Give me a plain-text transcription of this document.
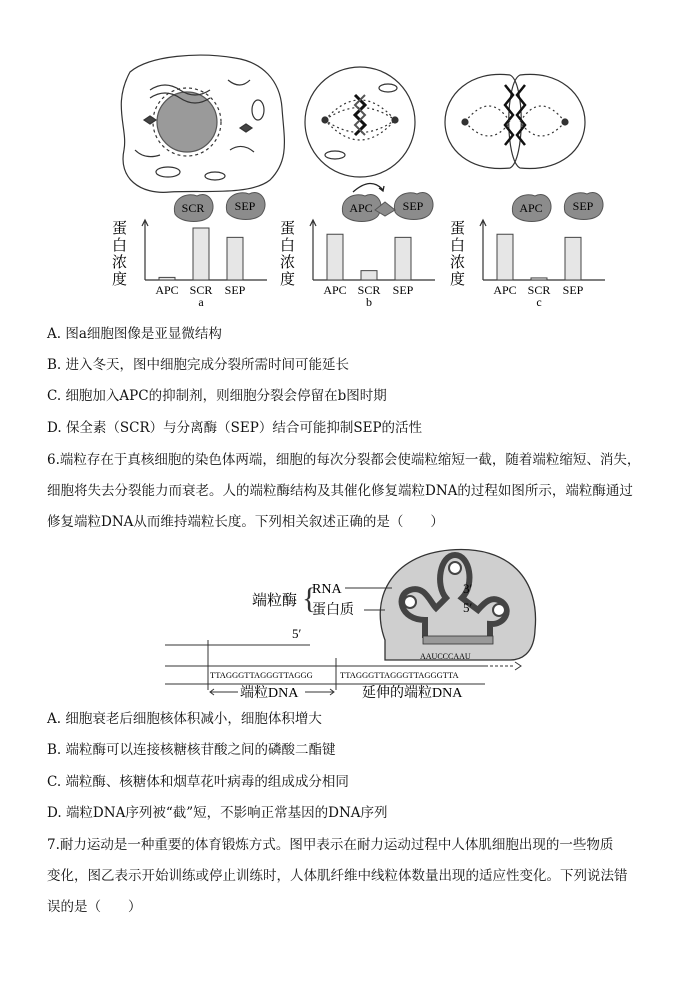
蛋
白
浓
度
APC SCR SEP
a
SCR	SEP
蛋
白
浓
度
APC SCR SEP
b
APC SEP
蛋
白
浓
度
APC SCR SEP
c
APC SEP
A. 图a细胞图像是亚显微结构
B. 进入冬天，图中细胞完成分裂所需时间可能延长
C. 细胞加入APC的抑制剂，则细胞分裂会停留在b图时期
D. 保全素（SCR）与分离酶（SEP）结合可能抑制SEP的活性
6.端粒存在于真核细胞的染色体两端，细胞的每次分裂都会使端粒缩短一截，随着端粒缩短、消失，
细胞将失去分裂能力而衰老。人的端粒酶结构及其催化修复端粒DNA的过程如图所示，端粒酶通过
修复端粒DNA从而维持端粒长度。下列相关叙述正确的是（　　）
端粒酶 {
RNA
蛋白质
3′
5′
5′
AAUCCCAAU
TTAGGGTTAGGGTTAGGG	TTAGGGTTAGGGTTAGGGTTA
端粒DNA	延伸的端粒DNA
A. 细胞衰老后细胞核体积减小，细胞体积增大
B. 端粒酶可以连接核糖核苷酸之间的磷酸二酯键
C. 端粒酶、核糖体和烟草花叶病毒的组成成分相同
D. 端粒DNA序列被“截”短，不影响正常基因的DNA序列
7.耐力运动是一种重要的体育锻炼方式。图甲表示在耐力运动过程中人体肌细胞出现的一些物质
变化，图乙表示开始训练或停止训练时，人体肌纤维中线粒体数量出现的适应性变化。下列说法错
误的是（　　）
